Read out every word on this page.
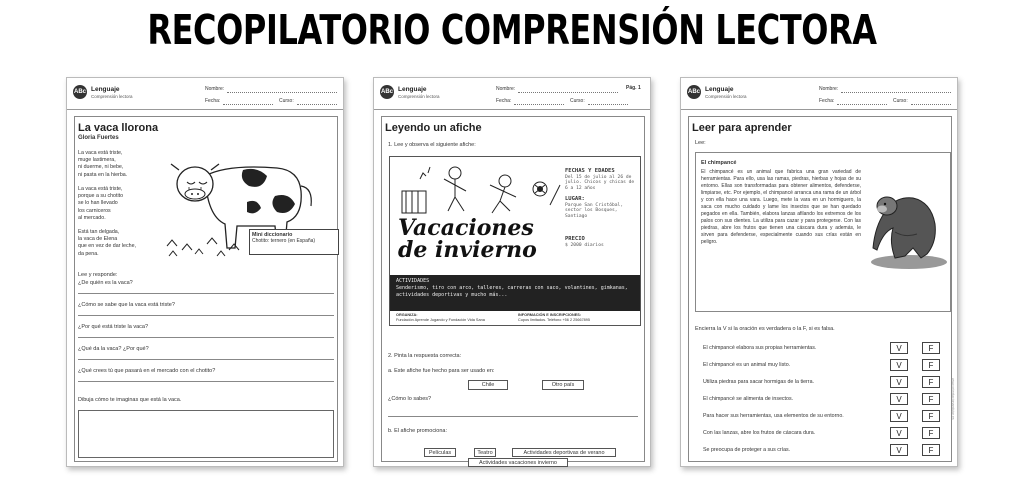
RECOPILATORIO COMPRENSIÓN LECTORA
ABc Lenguaje
Comprensión lectora
Nombre:
Fecha:	Curso:
La vaca llorona
Gloria Fuertes
La vaca está triste,
muge lastimera,
ni duerme, ni bebe,
ni pasta en la hierba.
La vaca está triste,
porque a su chotito
se lo han llevado
los carniceros
al mercado.
Está tan delgada,
la vaca de Elena
que en vez de dar leche,
da pena.
Mini diccionario
Chotito: ternero (en España)
Lee y responde:
¿De quién es la vaca?
¿Cómo se sabe que la vaca está triste?
¿Por qué está triste la vaca?
¿Qué da la vaca? ¿Por qué?
¿Qué crees tú que pasará en el mercado con el chotito?
Dibuja cómo te imaginas que está la vaca.
ABc Lenguaje
Comprensión lectora
Nombre:
Fecha:	Curso:
Pág. 1
Leyendo un afiche
1. Lee y observa el siguiente afiche:
Vacaciones
de invierno
FECHAS Y EDADES
Del 15 de julio al 26 de julio. Chicos y chicas de 6 a 12 años
LUGAR:
Parque San Cristóbal, sector los Bosques, Santiago
PRECIO
$ 2000 diarios
ACTIVIDADES
Senderismo, tiro con arco, talleres, carreras con saco, volantines, gimkanas, actividades deportivas y mucho más...
ORGANIZA:
Fundación Aprende Jugando y Fundación Vida Sana
INFORMACIÓN E INSCRIPCIONES:
Cupos limitados. Teléfono +56 2 25667895
2. Pinta la respuesta correcta:
a. Este afiche fue hecho para ser usado en:
Chile	Otro país
¿Cómo lo sabes?
b. El afiche promociona:
Películas	Teatro	Actividades deportivas de verano
Actividades vacaciones invierno
ABc Lenguaje
Comprensión lectora
Nombre:
Fecha:	Curso:
Leer para aprender
Lee:
El chimpancé
El chimpancé es un animal que fabrica una gran variedad de herramientas. Para ello, usa las ramas, piedras, hierbas y hojas de su entorno. Ellas son transformadas para obtener alimentos, defenderse, limpiarse, etc. Por ejemplo, el chimpancé arranca una rama de un árbol y con ella hace una vara. Luego, mete la vara en un hormiguero, la saca con mucho cuidado y lame los insectos que se han quedado pegados en ella. También, elabora lanzas afilando los extremos de los palos con sus dientes. La utiliza para cazar y para protegerse. Con las piedras, abre los frutos que tienen una cáscara dura y además, le sirven para defenderse, especialmente cuando sus crías están en peligro.
Encierra la V si la oración es verdadera o la F, si es falsa.
El chimpancé elabora sus propias herramientas.	V	F
El chimpancé es un animal muy listo.	V	F
Utiliza piedras para sacar hormigas de la tierra.	V	F
El chimpancé se alimenta de insectos.	V	F
Para hacer sus herramientas, usa elementos de su entorno.	V	F
Con las lanzas, abre los frutos de cáscara dura.	V	F
Se preocupa de proteger a sus crías.	V	F
www.orientacionandujar.es
